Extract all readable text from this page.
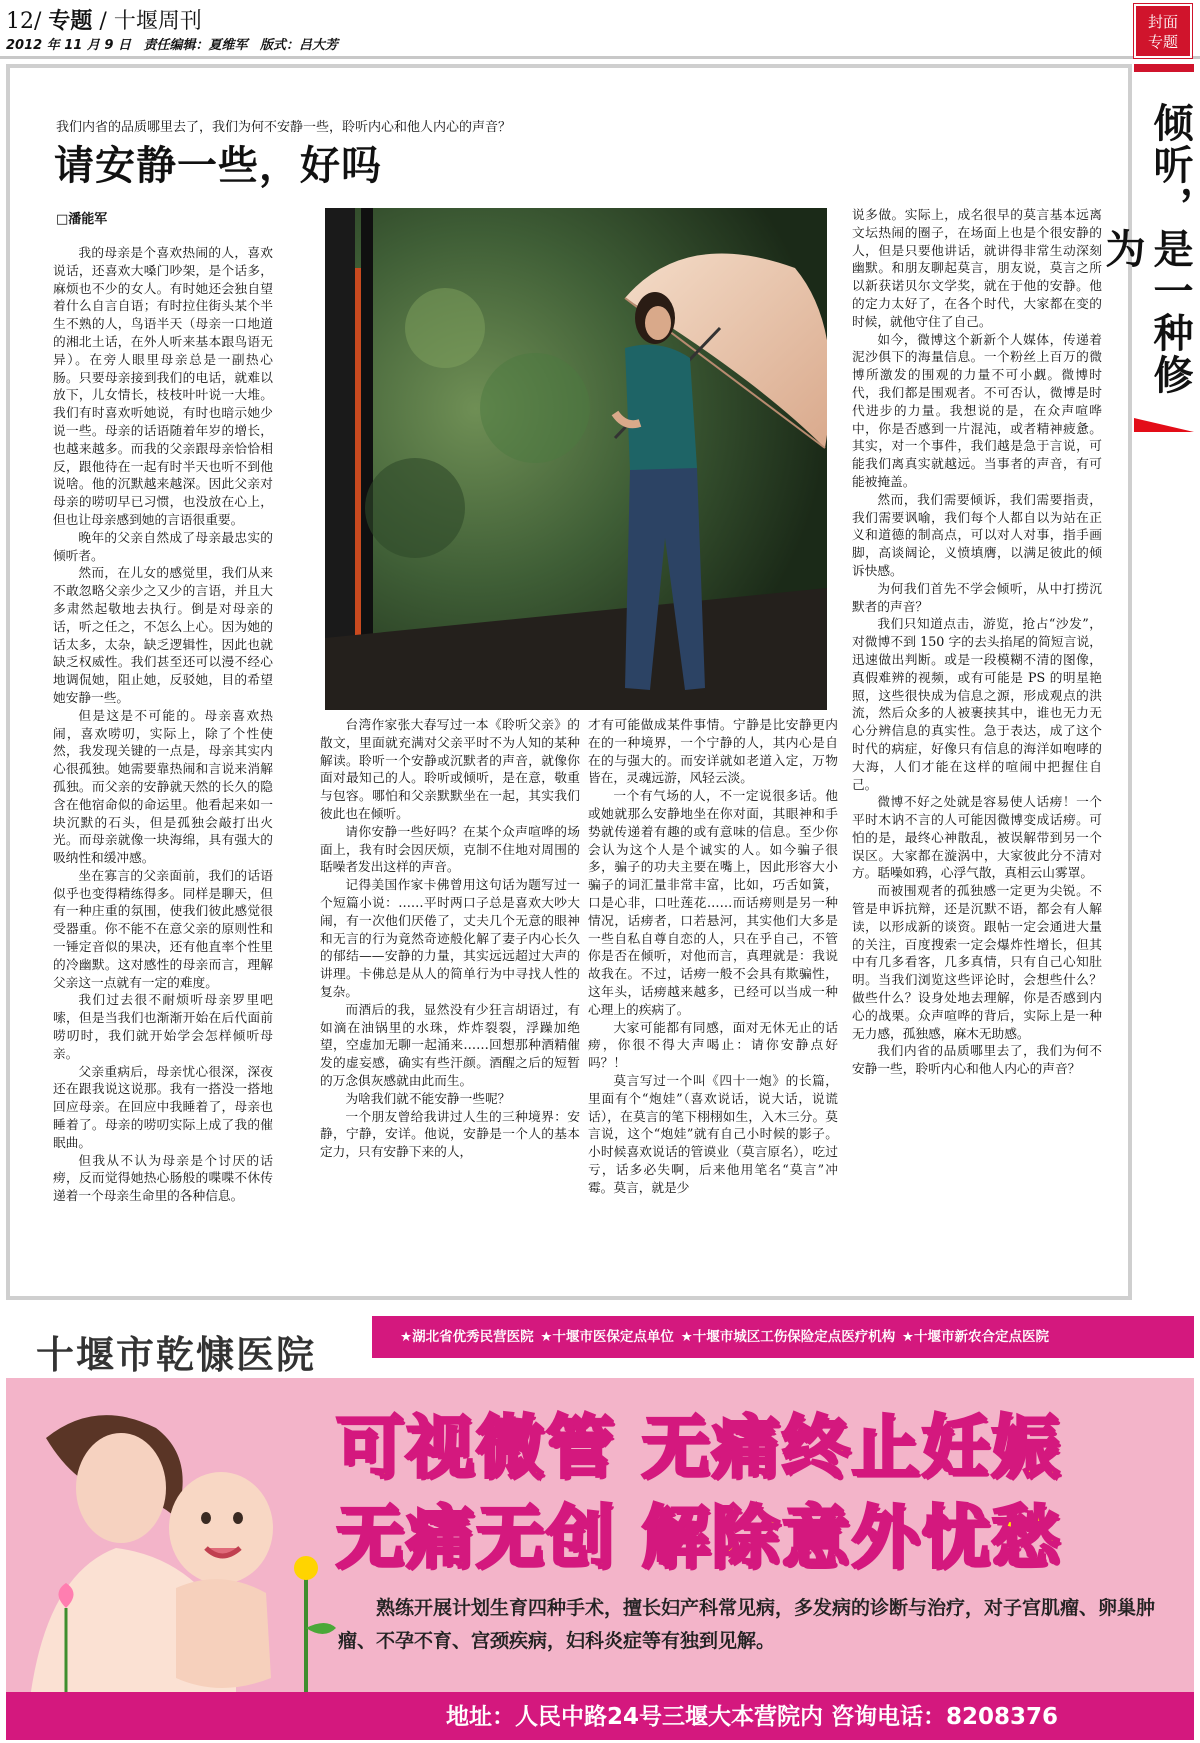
12/ 专题 / 十堰周刊
2012 年 11 月 9 日 责任编辑：夏维军 版式：吕大芳
封面
专题
倾听，是一种修为
我们内省的品质哪里去了，我们为何不安静一些，聆听内心和他人内心的声音？
请安静一些，好吗
□潘能军

我的母亲是个喜欢热闹的人，喜欢说话，还喜欢大嗓门吵架，是个话多，麻烦也不少的女人。有时她还会独自望着什么自言自语；有时拉住街头某个半生不熟的人，鸟语半天（母亲一口地道的湘北土话，在外人听来基本跟鸟语无异）。在旁人眼里母亲总是一副热心肠。只要母亲接到我们的电话，就难以放下，儿女情长，枝枝叶叶说一大堆。我们有时喜欢听她说，有时也暗示她少说一些。母亲的话语随着年岁的增长，也越来越多。而我的父亲跟母亲恰恰相反，跟他待在一起有时半天也听不到他说啥。他的沉默越来越深。因此父亲对母亲的唠叨早已习惯，也没放在心上，但也让母亲感到她的言语很重要。

晚年的父亲自然成了母亲最忠实的倾听者。

然而，在儿女的感觉里，我们从来不敢忽略父亲少之又少的言语，并且大多肃然起敬地去执行。倒是对母亲的话，听之任之，不怎么上心。因为她的话太多，太杂，缺乏逻辑性，因此也就缺乏权威性。我们甚至还可以漫不经心地调侃她，阻止她，反驳她，目的希望她安静一些。

但是这是不可能的。母亲喜欢热闹，喜欢唠叨，实际上，除了个性使然，我发现关键的一点是，母亲其实内心很孤独。她需要靠热闹和言说来消解孤独。而父亲的安静就天然的长久的隐含在他宿命似的命运里。他看起来如一块沉默的石头，但是孤独会敲打出火光。而母亲就像一块海绵，具有强大的吸纳性和缓冲感。

坐在寡言的父亲面前，我们的话语似乎也变得精练得多。同样是聊天，但有一种庄重的氛围，使我们彼此感觉很受器重。你不能不在意父亲的原则性和一锤定音似的果决，还有他直率个性里的冷幽默。这对感性的母亲而言，理解父亲这一点就有一定的难度。

我们过去很不耐烦听母亲罗里吧嗦，但是当我们也渐渐开始在后代面前唠叨时，我们就开始学会怎样倾听母亲。

父亲重病后，母亲忧心很深，深夜还在跟我说这说那。我有一搭没一搭地回应母亲。在回应中我睡着了，母亲也睡着了。母亲的唠叨实际上成了我的催眠曲。

但我从不认为母亲是个讨厌的话痨，反而觉得她热心肠般的喋喋不休传递着一个母亲生命里的各种信息。

台湾作家张大春写过一本《聆听父亲》的散文，里面就充满对父亲平时不为人知的某种解读。聆听一个安静或沉默者的声音，就像你面对最知己的人。聆听或倾听，是在意，敬重与包容。哪怕和父亲默默坐在一起，其实我们彼此也在倾听。

请你安静一些好吗？在某个众声喧哗的场面上，我有时会因厌烦，克制不住地对周围的聒噪者发出这样的声音。

记得美国作家卡佛曾用这句话为题写过一个短篇小说：……平时两口子总是喜欢大吵大闹，有一次他们厌倦了，丈夫几个无意的眼神和无言的行为竟然奇迹般化解了妻子内心长久的郁结——安静的力量，其实远远超过大声的讲理。卡佛总是从人的简单行为中寻找人性的复杂。

而酒后的我，显然没有少狂言胡语过，有如滴在油锅里的水珠，炸炸裂裂，浮躁加绝望，空虚加无聊一起涌来……回想那种酒精催发的虚妄感，确实有些汗颜。酒醒之后的短暂的万念俱灰感就由此而生。

为啥我们就不能安静一些呢？

一个朋友曾给我讲过人生的三种境界：安静，宁静，安详。他说，安静是一个人的基本定力，只有安静下来的人，

才有可能做成某件事情。宁静是比安静更内在的一种境界，一个宁静的人，其内心是自在的与强大的。而安详就如老道入定，万物皆在，灵魂远游，风轻云淡。

一个有气场的人，不一定说很多话。他或她就那么安静地坐在你对面，其眼神和手势就传递着有趣的或有意味的信息。至少你会认为这个人是个诚实的人。如今骗子很多，骗子的功夫主要在嘴上，因此形容大小骗子的词汇量非常丰富，比如，巧舌如簧，口是心非，口吐莲花……而话痨则是另一种情况，话痨者，口若悬河，其实他们大多是一些自私自尊自恋的人，只在乎自己，不管你是否在倾听，对他而言，真理就是：我说故我在。不过，话痨一般不会具有欺骗性，这年头，话痨越来越多，已经可以当成一种心理上的疾病了。

大家可能都有同感，面对无休无止的话痨，你很不得大声喝止：请你安静点好吗？！

莫言写过一个叫《四十一炮》的长篇，里面有个“炮娃”（喜欢说话，说大话，说谎话），在莫言的笔下栩栩如生，入木三分。莫言说，这个“炮娃”就有自己小时候的影子。小时候喜欢说话的管谟业（莫言原名），吃过亏，话多必失啊，后来他用笔名“莫言”冲霉。莫言，就是少

说多做。实际上，成名很早的莫言基本远离文坛热闹的圈子，在场面上也是个很安静的人，但是只要他讲话，就讲得非常生动深刻幽默。和朋友聊起莫言，朋友说，莫言之所以新获诺贝尔文学奖，就在于他的安静。他的定力太好了，在各个时代，大家都在变的时候，就他守住了自己。

如今，微博这个新新个人媒体，传递着泥沙俱下的海量信息。一个粉丝上百万的微博所激发的围观的力量不可小觑。微博时代，我们都是围观者。不可否认，微博是时代进步的力量。我想说的是，在众声喧哗中，你是否感到一片混沌，或者精神疲惫。其实，对一个事件，我们越是急于言说，可能我们离真实就越远。当事者的声音，有可能被掩盖。

然而，我们需要倾诉，我们需要指责，我们需要讽喻，我们每个人都自以为站在正义和道德的制高点，可以对人对事，指手画脚，高谈阔论，义愤填膺，以满足彼此的倾诉快感。

为何我们首先不学会倾听，从中打捞沉默者的声音？

我们只知道点击，游览，抢占“沙发”，对微博不到 150 字的去头掐尾的简短言说，迅速做出判断。或是一段模糊不清的图像，真假难辨的视频，或有可能是 PS 的明星艳照，这些很快成为信息之源，形成观点的洪流，然后众多的人被裹挟其中，谁也无力无心分辨信息的真实性。急于表达，成了这个时代的病症，好像只有信息的海洋如咆哮的大海，人们才能在这样的喧闹中把握住自己。

微博不好之处就是容易使人话痨！一个平时木讷不言的人可能因微博变成话痨。可怕的是，最终心神散乱，被误解带到另一个误区。大家都在漩涡中，大家彼此分不清对方。聒噪如鸦，心浮气散，真相云山雾罩。

而被围观者的孤独感一定更为尖锐。不管是申诉抗辩，还是沉默不语，都会有人解读，以形成新的谈资。跟帖一定会通进大量的关注，百度搜索一定会爆炸性增长，但其中有几多看客，几多真情，只有自己心知肚明。当我们浏览这些评论时，会想些什么？做些什么？设身处地去理解，你是否感到内心的战栗。众声喧哗的背后，实际上是一种无力感，孤独感，麻木无助感。

我们内省的品质哪里去了，我们为何不安静一些，聆听内心和他人内心的声音？

十堰市乾慷医院	★湖北省优秀民营医院 ★十堰市医保定点单位 ★十堰市城区工伤保险定点医疗机构 ★十堰市新农合定点医院
可视微管 无痛终止妊娠
无痛无创 解除意外忧愁
熟练开展计划生育四种手术，擅长妇产科常见病，多发病的诊断与治疗，对子宫肌瘤、卵巢肿瘤、不孕不育、宫颈疾病，妇科炎症等有独到见解。
地址：人民中路24号三堰大本营院内 咨询电话：8208376
